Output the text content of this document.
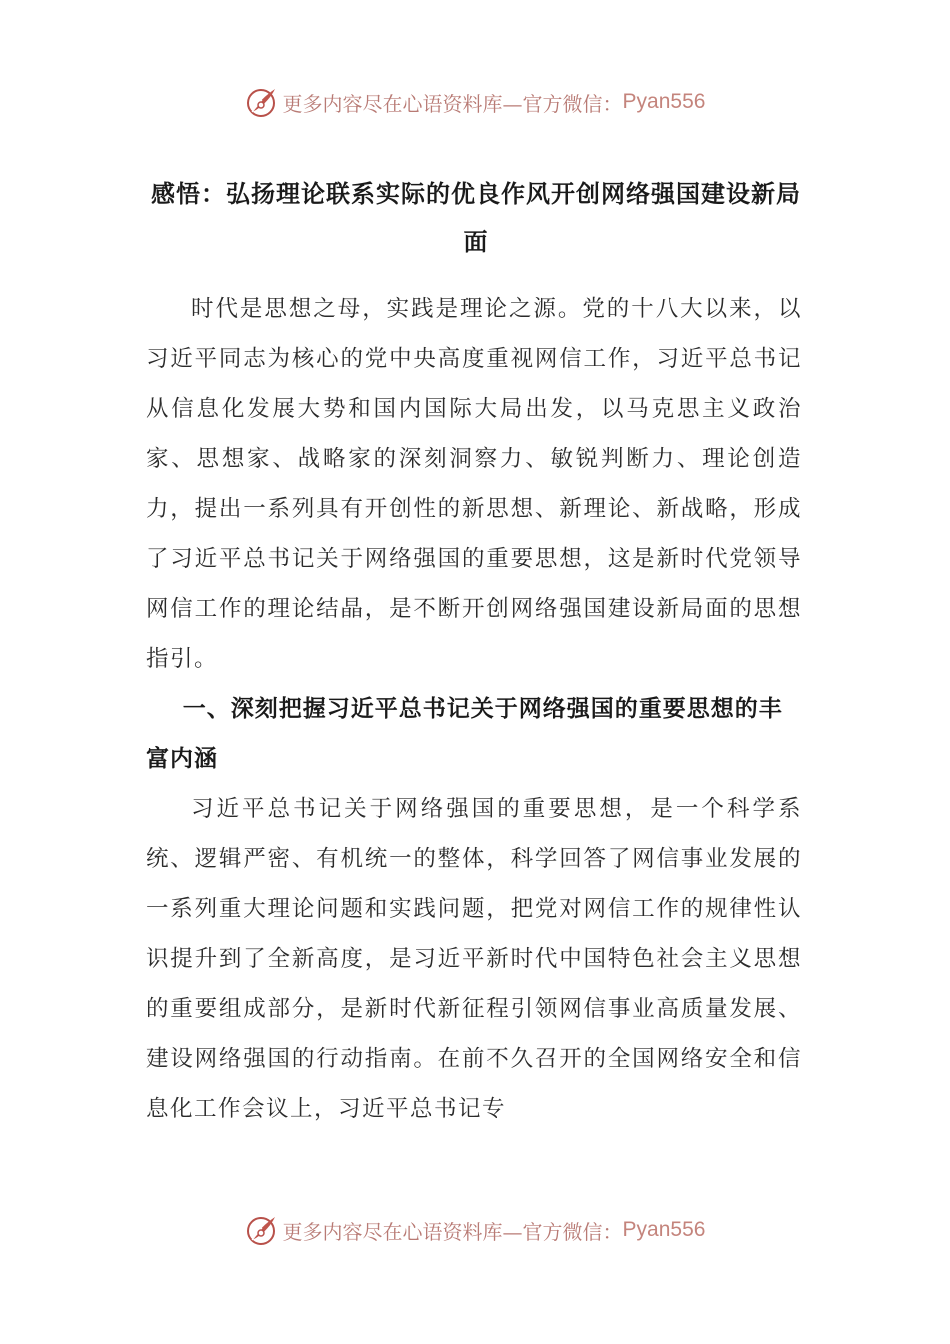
更多内容尽在心语资料库—官方微信： Pyan556
感悟：弘扬理论联系实际的优良作风开创网络强国建设新局面

时代是思想之母，实践是理论之源。党的十八大以来，以习近平同志为核心的党中央高度重视网信工作，习近平总书记从信息化发展大势和国内国际大局出发，以马克思主义政治家、思想家、战略家的深刻洞察力、敏锐判断力、理论创造力，提出一系列具有开创性的新思想、新理论、新战略，形成了习近平总书记关于网络强国的重要思想，这是新时代党领导网信工作的理论结晶，是不断开创网络强国建设新局面的思想指引。

一、深刻把握习近平总书记关于网络强国的重要思想的丰富内涵

习近平总书记关于网络强国的重要思想，是一个科学系统、逻辑严密、有机统一的整体，科学回答了网信事业发展的一系列重大理论问题和实践问题，把党对网信工作的规律性认识提升到了全新高度，是习近平新时代中国特色社会主义思想的重要组成部分，是新时代新征程引领网信事业高质量发展、建设网络强国的行动指南。在前不久召开的全国网络安全和信息化工作会议上，习近平总书记专

更多内容尽在心语资料库—官方微信： Pyan556
